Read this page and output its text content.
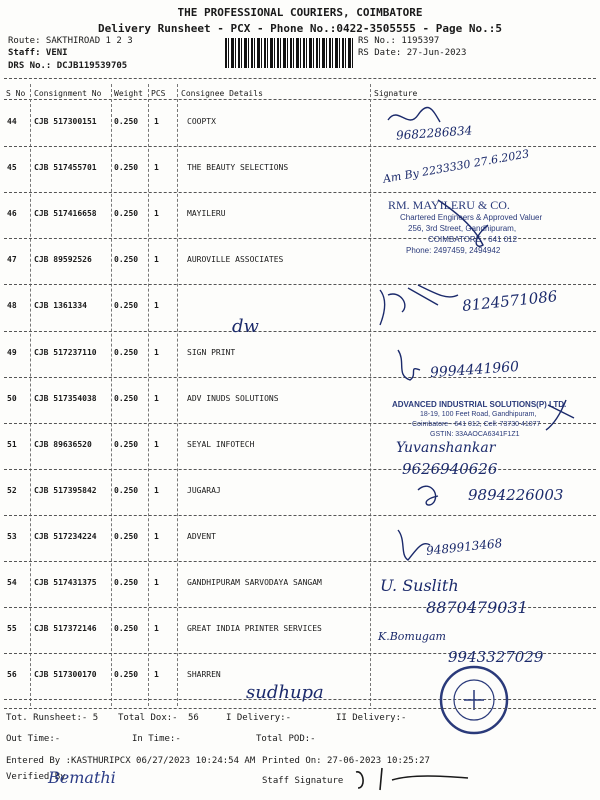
THE PROFESSIONAL COURIERS, COIMBATORE
Delivery Runsheet - PCX - Phone No.:0422-3505555 - Page No.:5
Route: SAKTHIROAD 1 2 3
Staff: VENI
DRS No.: DCJB119539705
RS No.: 1195397
RS Date: 27-Jun-2023
S No Consignment No Weight PCS Consignee Details	Signature
44 CJB 517300151 0.250 1	COOPTX
45 CJB 517455701 0.250 1	THE BEAUTY SELECTIONS
46 CJB 517416658 0.250 1	MAYILERU
47 CJB 89592526	0.250 1	AUROVILLE ASSOCIATES
48 CJB 1361334	0.250 1
49 CJB 517237110 0.250 1	SIGN PRINT
50 CJB 517354038 0.250 1	ADV INUDS SOLUTIONS
51 CJB 89636520	0.250 1	SEYAL INFOTECH
52 CJB 517395842 0.250 1	JUGARAJ
53 CJB 517234224 0.250 1	ADVENT
54 CJB 517431375 0.250 1	GANDHIPURAM SARVODAYA SANGAM
55 CJB 517372146 0.250 1	GREAT INDIA PRINTER SERVICES
56 CJB 517300170 0.250 1	SHARREN
RM. MAYILERU & CO.
Chartered Engineers & Approved Valuer
256, 3rd Street, Gandhipuram,
COIMBATORE - 641 012
Phone: 2497459, 2494942
ADVANCED INDUSTRIAL SOLUTIONS(P) LTD.
18-19, 100 Feet Road, Gandhipuram,
Coimbatore - 641 012, Cell: 73730 41077
GSTIN: 33AAOCA6341F1Z1
9682286834
Am By 2233330 27.6.2023
dw
8124571086
9994441960
Yuvanshankar
9626940626
9894226003
9489913468
U. Suslith
8870479031
K.Bomugam
9943327029
sudhupa
Tot. Runsheet:- 5 Total Dox:- 56	I Delivery:-	II Delivery:-
Out Time:-	In Time:-	Total POD:-
Entered By :KASTHURIPCX 06/27/2023 10:24:54 AM Printed On: 27-06-2023 10:25:27
Verified By
Bemathi	Staff Signature
